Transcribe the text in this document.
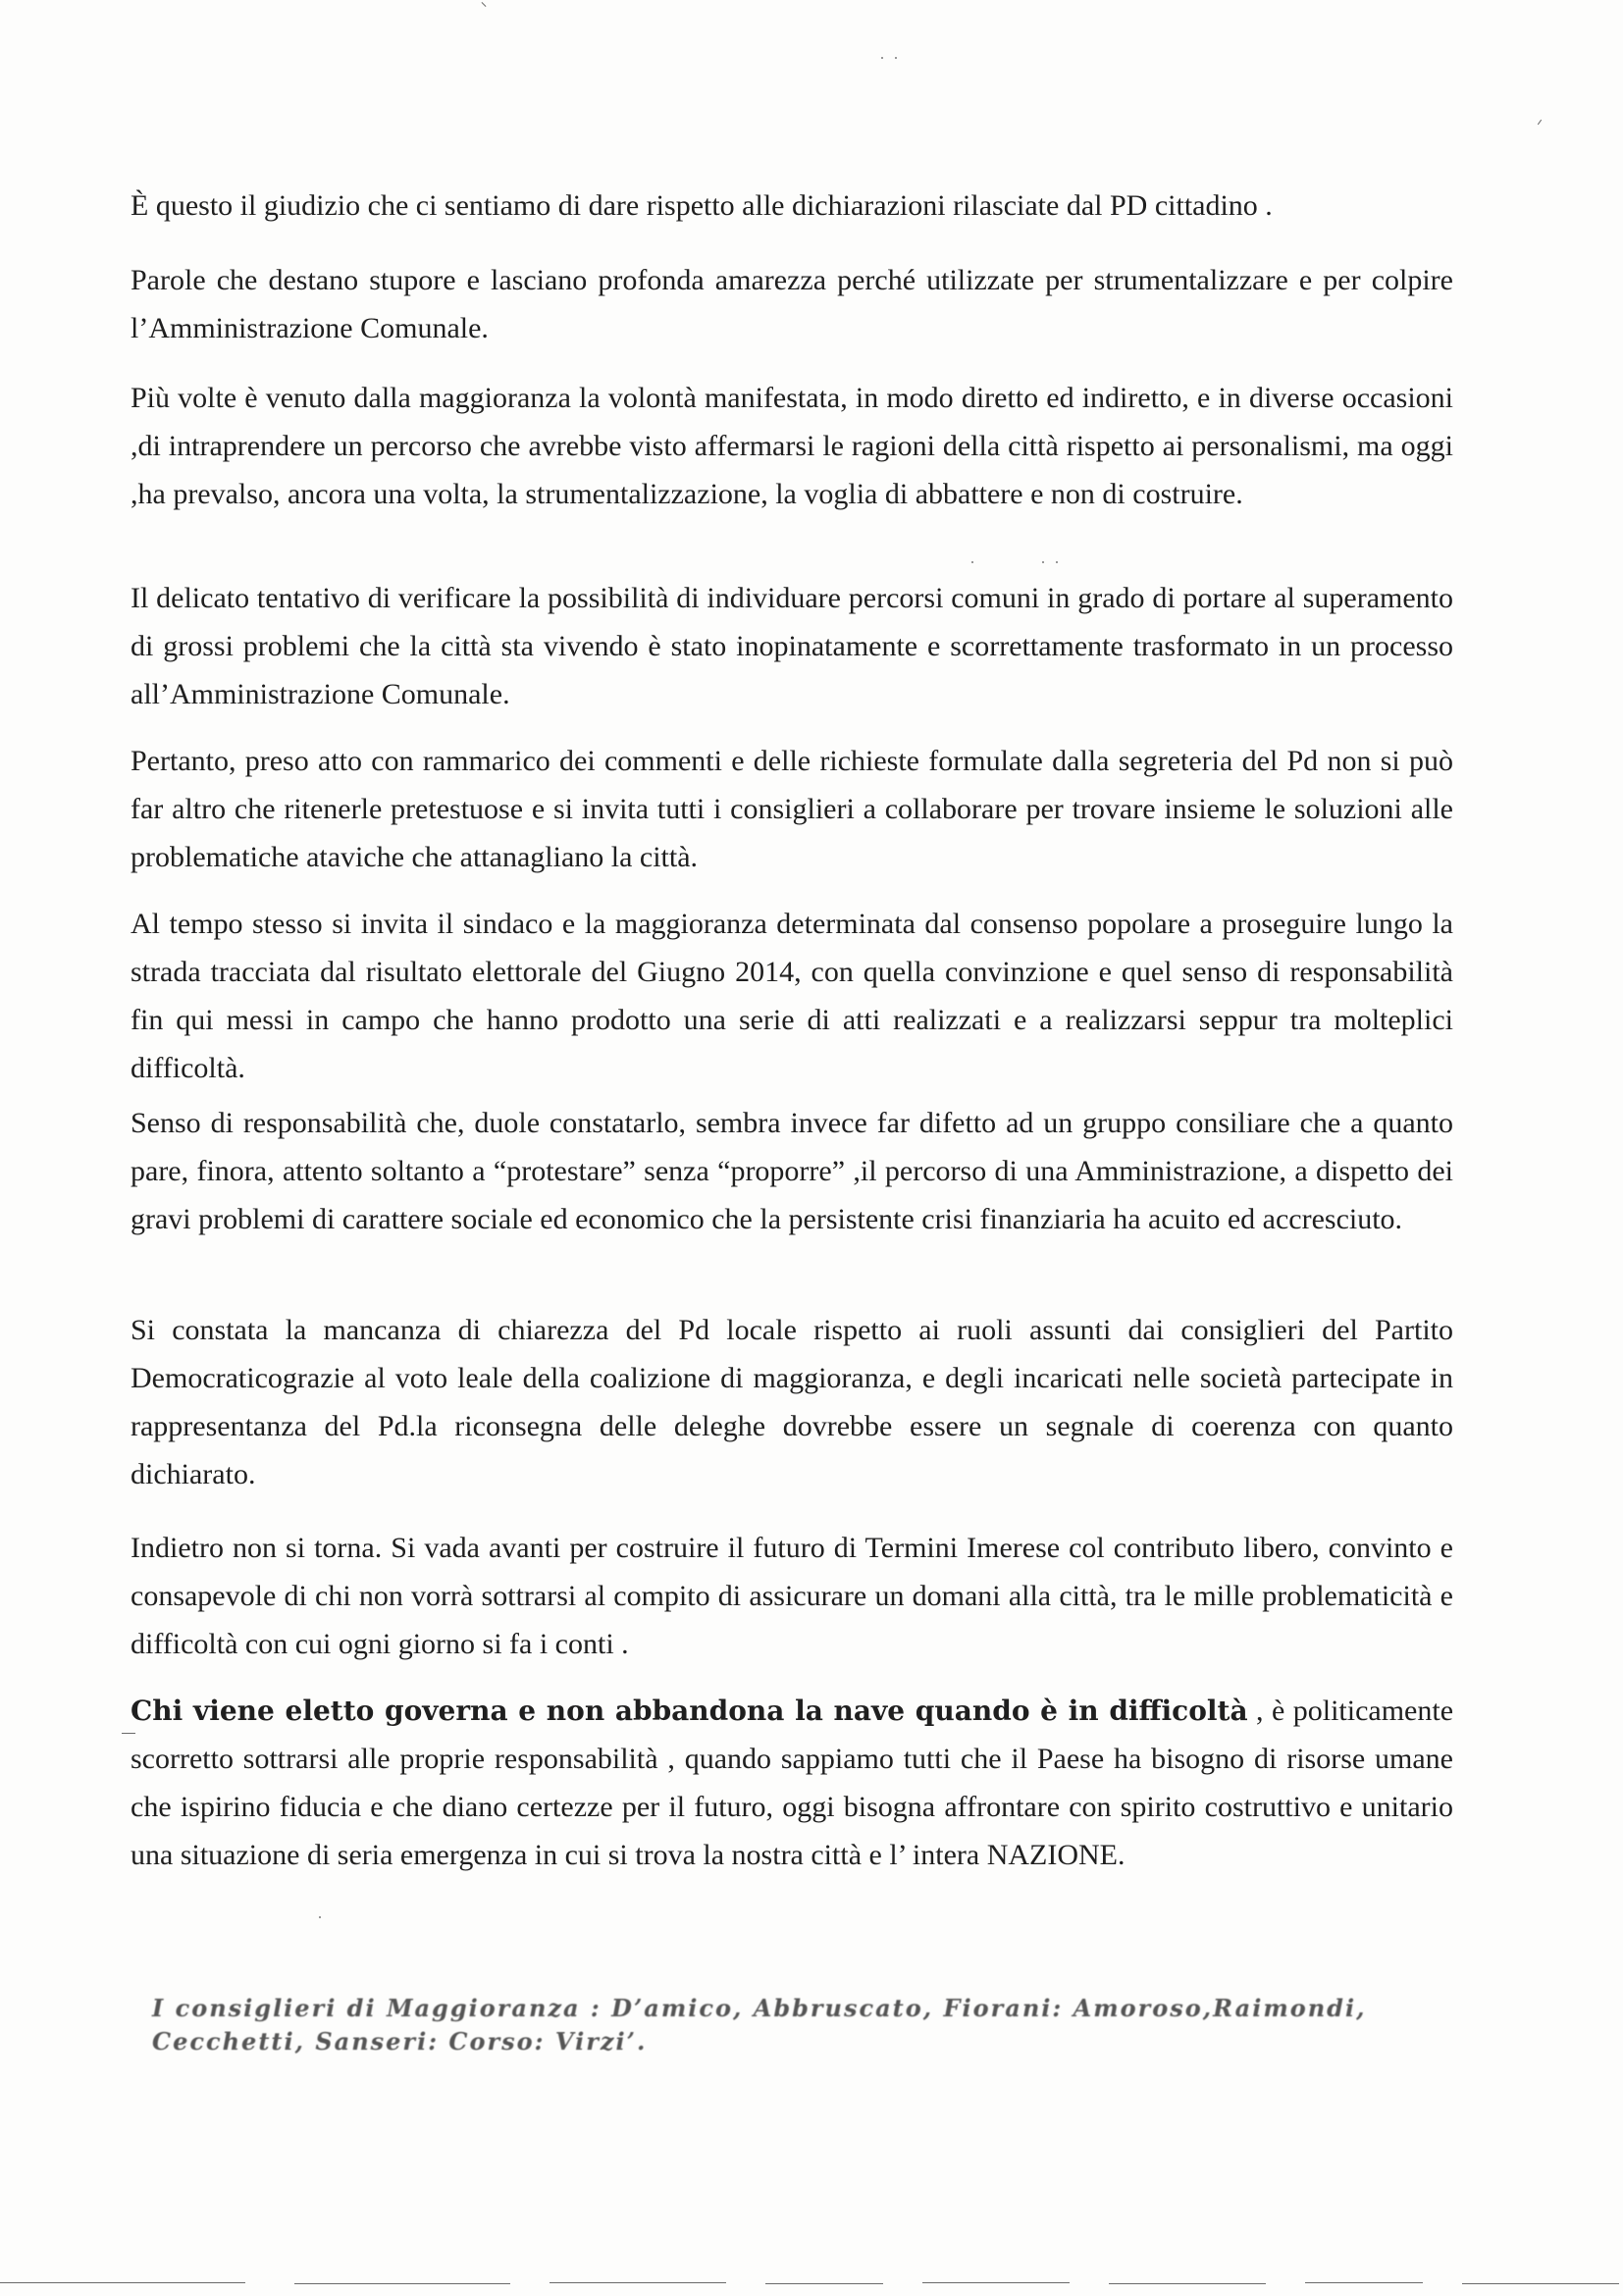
È questo il giudizio che ci sentiamo di dare rispetto alle dichiarazioni rilasciate dal PD cittadino .

Parole che destano stupore e lasciano profonda amarezza perché utilizzate per strumentalizzare e per colpire l’Amministrazione Comunale.

Più volte è venuto dalla maggioranza la volontà manifestata, in modo diretto ed indiretto, e in diverse occasioni ,di intraprendere un percorso che avrebbe visto affermarsi le ragioni della città rispetto ai personalismi, ma oggi ,ha prevalso, ancora una volta, la strumentalizzazione, la voglia di abbattere e non di costruire.

Il delicato tentativo di verificare la possibilità di individuare percorsi comuni in grado di portare al superamento di grossi problemi che la città sta vivendo è stato inopinatamente e scorrettamente trasformato in un processo all’Amministrazione Comunale.

Pertanto, preso atto con rammarico dei commenti e delle richieste formulate dalla segreteria del Pd non si può far altro che ritenerle pretestuose e si invita tutti i consiglieri a collaborare per trovare insieme le soluzioni alle problematiche ataviche che attanagliano la città.

Al tempo stesso si invita il sindaco e la maggioranza determinata dal consenso popolare a proseguire lungo la strada tracciata dal risultato elettorale del Giugno 2014, con quella convinzione e quel senso di responsabilità fin qui messi in campo che hanno prodotto una serie di atti realizzati e a realizzarsi seppur tra molteplici difficoltà.

Senso di responsabilità che, duole constatarlo, sembra invece far difetto ad un gruppo consiliare che a quanto pare, finora, attento soltanto a “protestare” senza “proporre” ,il percorso di una Amministrazione, a dispetto dei gravi problemi di carattere sociale ed economico che la persistente crisi finanziaria ha acuito ed accresciuto.

Si constata la mancanza di chiarezza del Pd locale rispetto ai ruoli assunti dai consiglieri del Partito Democraticograzie al voto leale della coalizione di maggioranza, e degli incaricati nelle società partecipate in rappresentanza del Pd.la riconsegna delle deleghe dovrebbe essere un segnale di coerenza con quanto dichiarato.

Indietro non si torna. Si vada avanti per costruire il futuro di Termini Imerese col contributo libero, convinto e consapevole di chi non vorrà sottrarsi al compito di assicurare un domani alla città, tra le mille problematicità e difficoltà con cui ogni giorno si fa i conti .

Chi viene eletto governa e non abbandona la nave quando è in difficoltà , è politicamente scorretto sottrarsi alle proprie responsabilità , quando sappiamo tutti che il Paese ha bisogno di risorse umane che ispirino fiducia e che diano certezze per il futuro, oggi bisogna affrontare con spirito costruttivo e unitario una situazione di seria emergenza in cui si trova la nostra città e l’ intera NAZIONE.

I consiglieri di Maggioranza : D’amico, Abbruscato, Fiorani: Amoroso,Raimondi, Cecchetti, Sanseri: Corso: Virzi’.
